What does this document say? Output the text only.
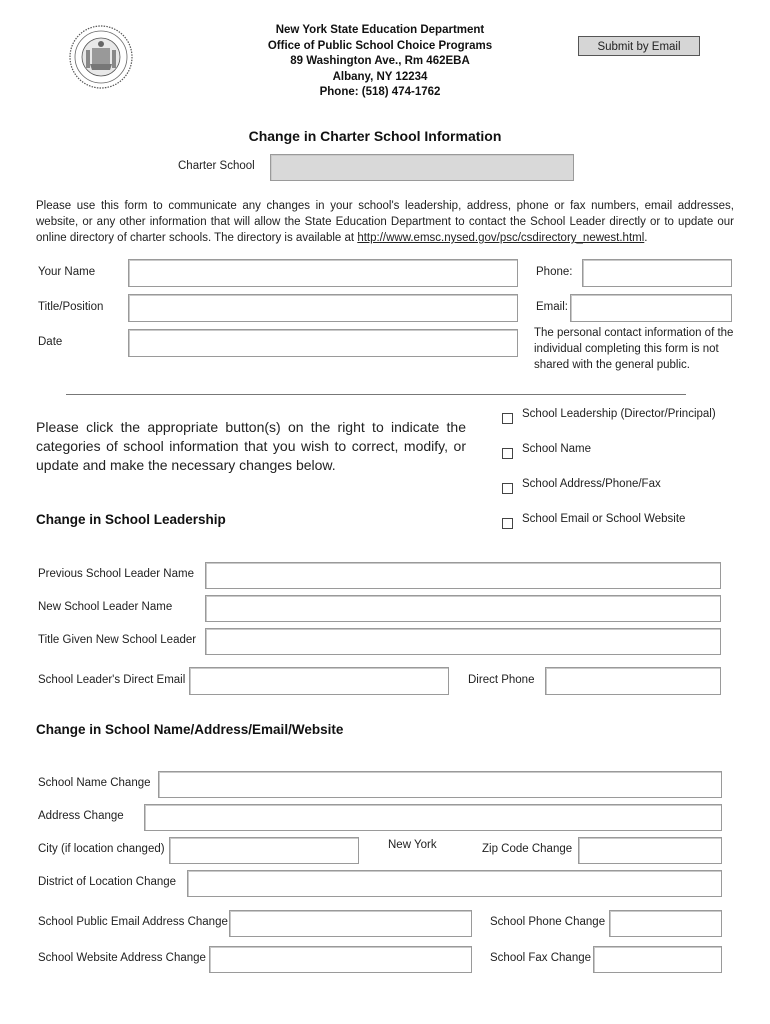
New York State Education Department
Office of Public School Choice Programs
89 Washington Ave., Rm 462EBA
Albany, NY 12234
Phone: (518) 474-1762
Submit by Email
Change in Charter School Information
Charter School
Please use this form to communicate any changes in your school's leadership, address, phone or fax numbers, email addresses, website, or any other information that will allow the State Education Department to contact the School Leader directly or to update our online directory of charter schools. The directory is available at http://www.emsc.nysed.gov/psc/csdirectory_newest.html.
Your Name
Title/Position
Date
Phone:
Email:
The personal contact information of the individual completing this form is not shared with the general public.
Please click the appropriate button(s) on the right to indicate the categories of school information that you wish to correct, modify, or update and make the necessary changes below.
School Leadership (Director/Principal)
School Name
School Address/Phone/Fax
School Email or School Website
Change in School Leadership
Previous School Leader Name
New School Leader Name
Title Given New School Leader
School Leader's Direct Email	Direct Phone
Change in School Name/Address/Email/Website
School Name Change
Address Change
City (if location changed)	New York	Zip Code Change
District of Location Change
School Public Email Address Change	School Phone Change
School Website Address Change	School Fax Change
